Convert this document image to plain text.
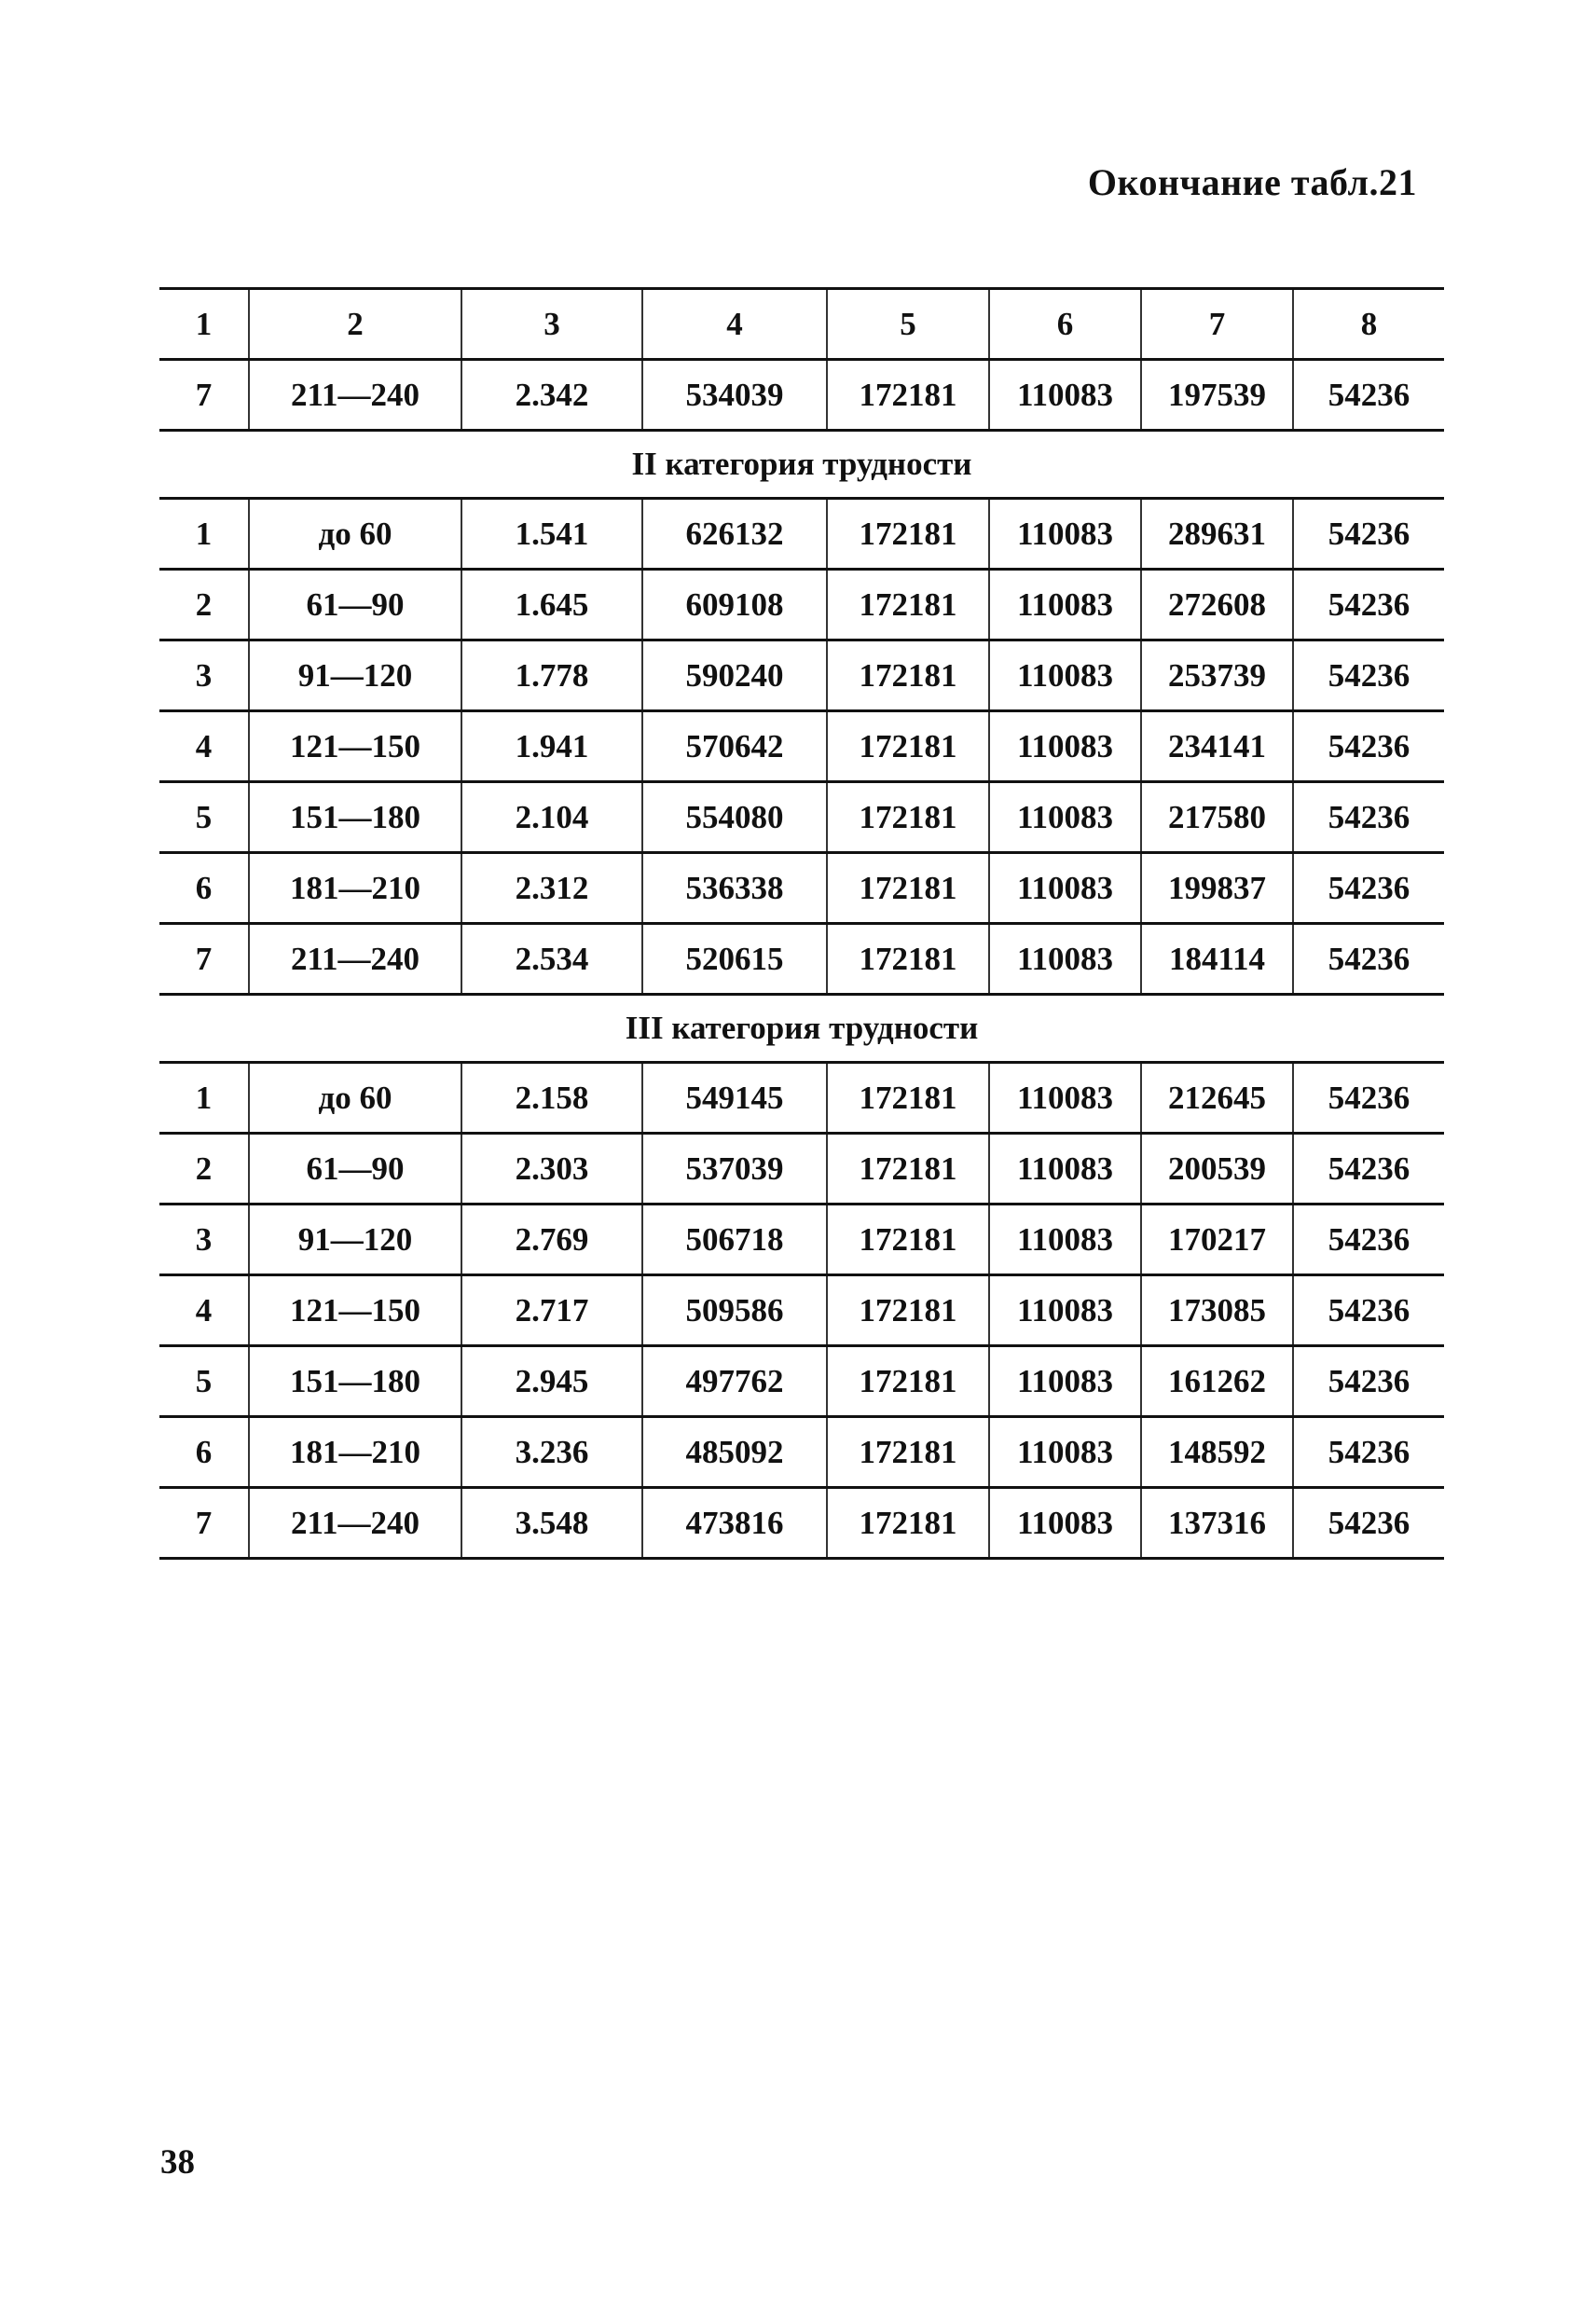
Окончание табл.21
1	2	3	4	5	6	7	8
7	211—240	2.342	534039	172181	110083	197539	54236
II категория трудности							
1	до 60	1.541	626132	172181	110083	289631	54236
2	61—90	1.645	609108	172181	110083	272608	54236
3	91—120	1.778	590240	172181	110083	253739	54236
4	121—150	1.941	570642	172181	110083	234141	54236
5	151—180	2.104	554080	172181	110083	217580	54236
6	181—210	2.312	536338	172181	110083	199837	54236
7	211—240	2.534	520615	172181	110083	184114	54236
III категория трудности							
1	до 60	2.158	549145	172181	110083	212645	54236
2	61—90	2.303	537039	172181	110083	200539	54236
3	91—120	2.769	506718	172181	110083	170217	54236
4	121—150	2.717	509586	172181	110083	173085	54236
5	151—180	2.945	497762	172181	110083	161262	54236
6	181—210	3.236	485092	172181	110083	148592	54236
7	211—240	3.548	473816	172181	110083	137316	54236
38
